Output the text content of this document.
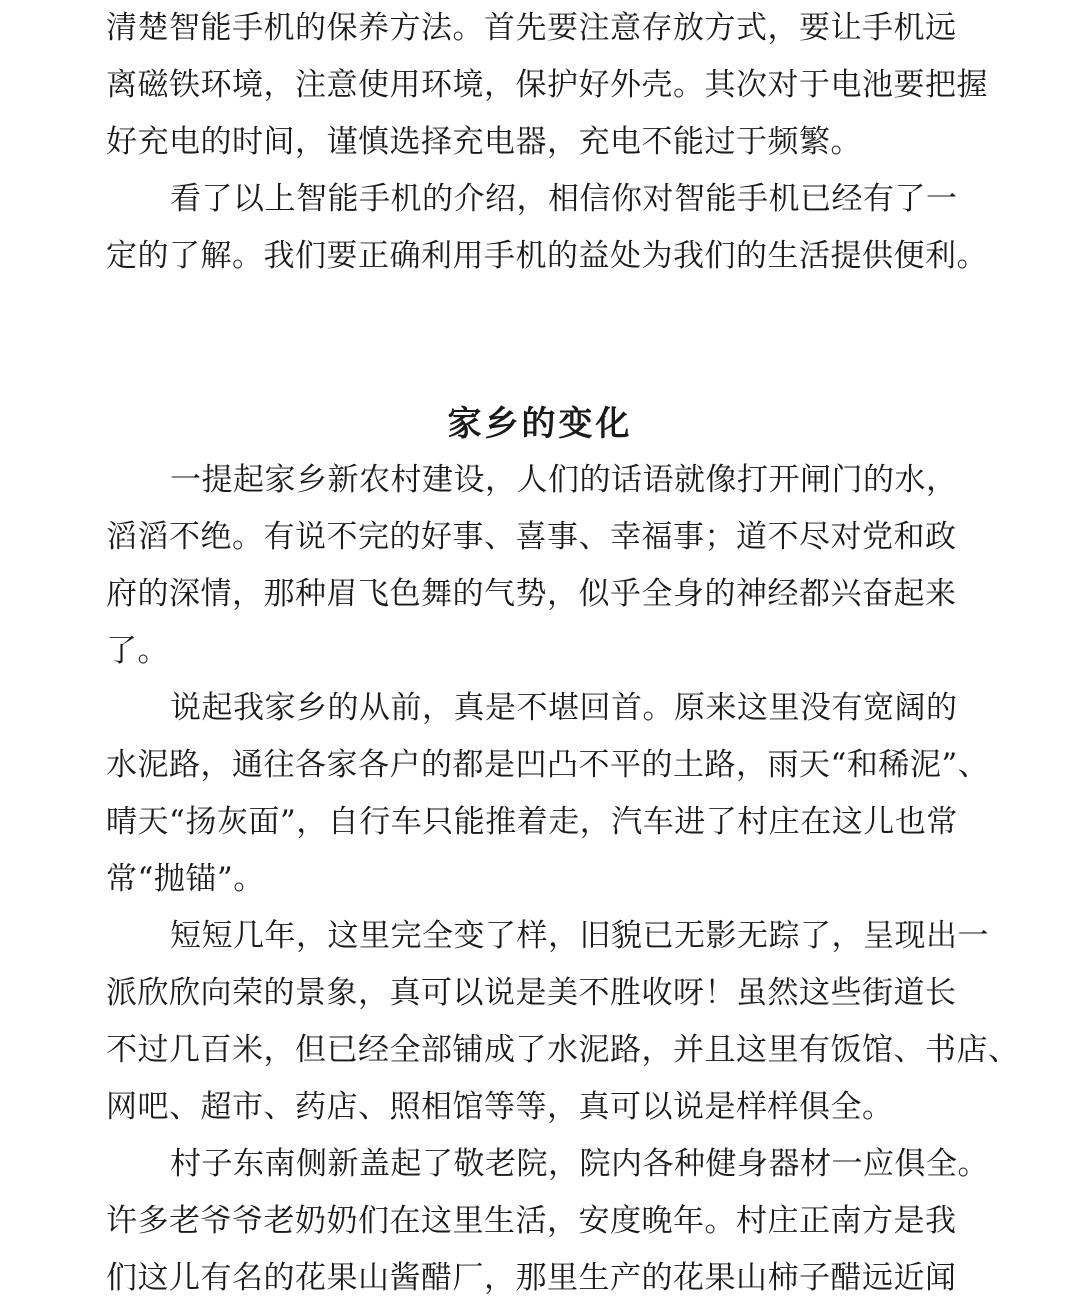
清楚智能手机的保养方法。首先要注意存放方式，要让手机远
离磁铁环境，注意使用环境，保护好外壳。其次对于电池要把握
好充电的时间，谨慎选择充电器，充电不能过于频繁。
看了以上智能手机的介绍，相信你对智能手机已经有了一
定的了解。我们要正确利用手机的益处为我们的生活提供便利。
家乡的变化
一提起家乡新农村建设，人们的话语就像打开闸门的水，
滔滔不绝。有说不完的好事、喜事、幸福事；道不尽对党和政
府的深情，那种眉飞色舞的气势，似乎全身的神经都兴奋起来
了。
说起我家乡的从前，真是不堪回首。原来这里没有宽阔的
水泥路，通往各家各户的都是凹凸不平的土路，雨天“和稀泥”、
晴天“扬灰面”，自行车只能推着走，汽车进了村庄在这儿也常
常“抛锚”。
短短几年，这里完全变了样，旧貌已无影无踪了，呈现出一
派欣欣向荣的景象，真可以说是美不胜收呀！虽然这些街道长
不过几百米，但已经全部铺成了水泥路，并且这里有饭馆、书店、
网吧、超市、药店、照相馆等等，真可以说是样样俱全。
村子东南侧新盖起了敬老院，院内各种健身器材一应俱全。
许多老爷爷老奶奶们在这里生活，安度晚年。村庄正南方是我
们这儿有名的花果山酱醋厂，那里生产的花果山柿子醋远近闻
